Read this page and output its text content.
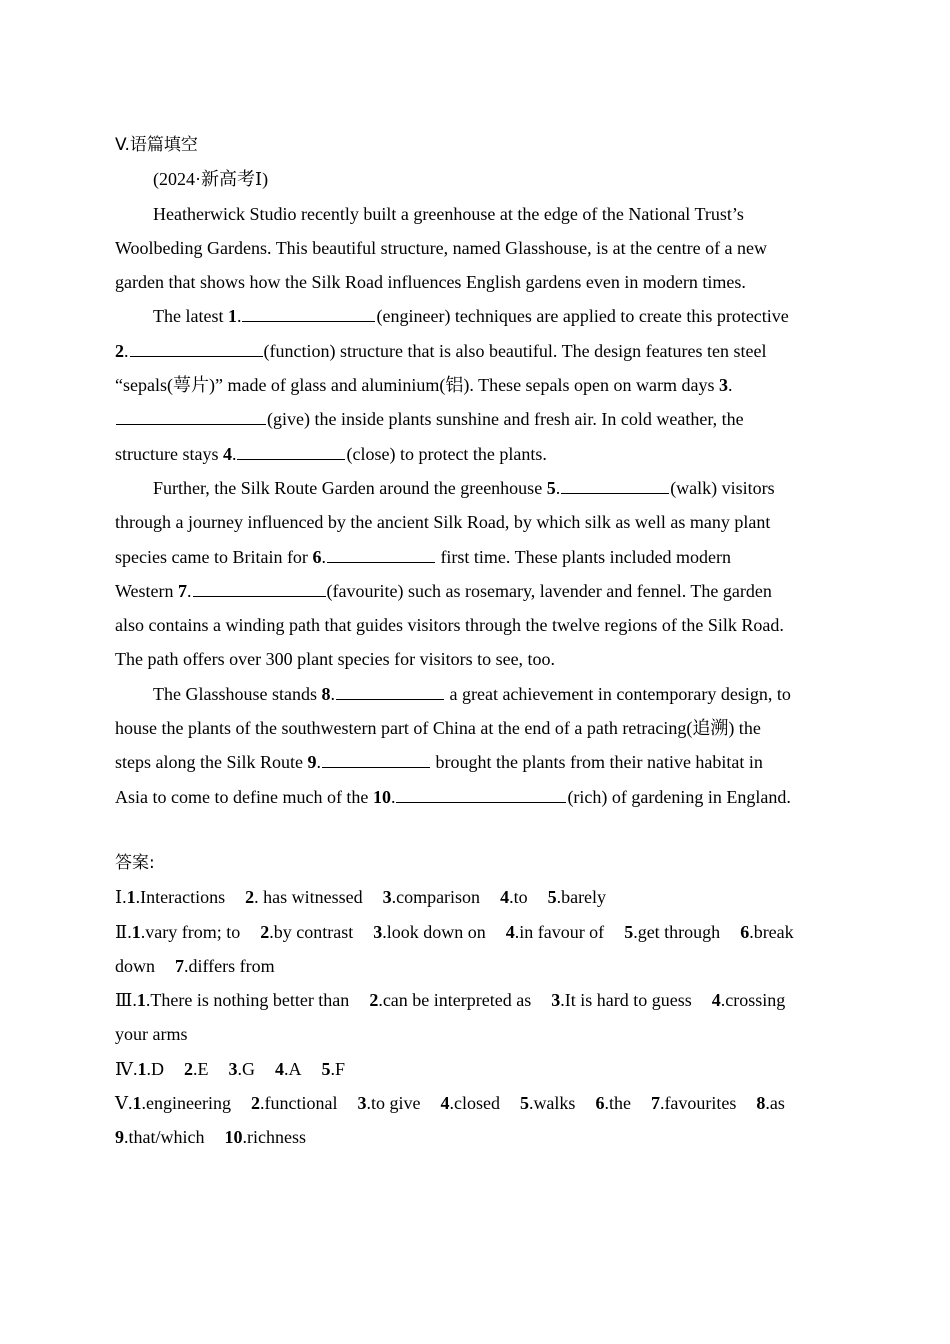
V.语篇填空
(2024·新高考Ⅰ)
Heatherwick Studio recently built a greenhouse at the edge of the National Trust’s
Woolbeding Gardens. This beautiful structure, named Glasshouse, is at the centre of a new
garden that shows how the Silk Road influences English gardens even in modern times.
The latest 1.	(engineer) techniques are applied to create this protective
2.	(function) structure that is also beautiful. The design features ten steel
“sepals(萼片)” made of glass and aluminium(铝). These sepals open on warm days 3.
(give) the inside plants sunshine and fresh air. In cold weather, the
structure stays 4.	(close) to protect the plants.
Further, the Silk Route Garden around the greenhouse 5.	(walk) visitors
through a journey influenced by the ancient Silk Road, by which silk as well as many plant
species came to Britain for 6.	first time. These plants included modern
Western 7.	(favourite) such as rosemary, lavender and fennel. The garden
also contains a winding path that guides visitors through the twelve regions of the Silk Road.
The path offers over 300 plant species for visitors to see, too.
The Glasshouse stands 8.	a great achievement in contemporary design, to
house the plants of the southwestern part of China at the end of a path retracing(追溯) the
steps along the Silk Route 9.	brought the plants from their native habitat in
Asia to come to define much of the 10.	(rich) of gardening in England.
答案:
Ⅰ.1.Interactions 2. has witnessed 3.comparison 4.to 5.barely
Ⅱ.1.vary from; to 2.by contrast 3.look down on 4.in favour of 5.get through 6.break
down 7.differs from
Ⅲ.1.There is nothing better than 2.can be interpreted as 3.It is hard to guess 4.crossing
your arms
Ⅳ.1.D 2.E 3.G 4.A 5.F
Ⅴ.1.engineering 2.functional 3.to give 4.closed 5.walks 6.the 7.favourites 8.as
9.that/which 10.richness
